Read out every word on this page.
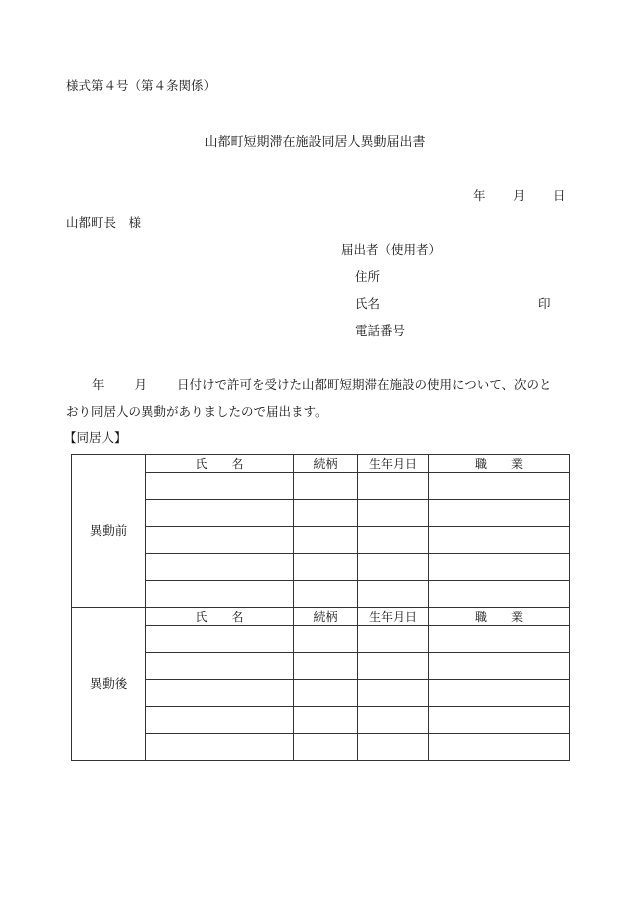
様式第４号（第４条関係）
山都町短期滞在施設同居人異動届出書
年 月 日
山都町長　様
届出者（使用者）
住所
氏名	印
電話番号
年 月 日付けで許可を受けた山都町短期滞在施設の使用について、次のと
おり同居人の異動がありましたので届出ます。
【同居人】
異動前	氏　　名	続柄	生年月日	職　　業

異動後	氏　　名	続柄	生年月日	職　　業
